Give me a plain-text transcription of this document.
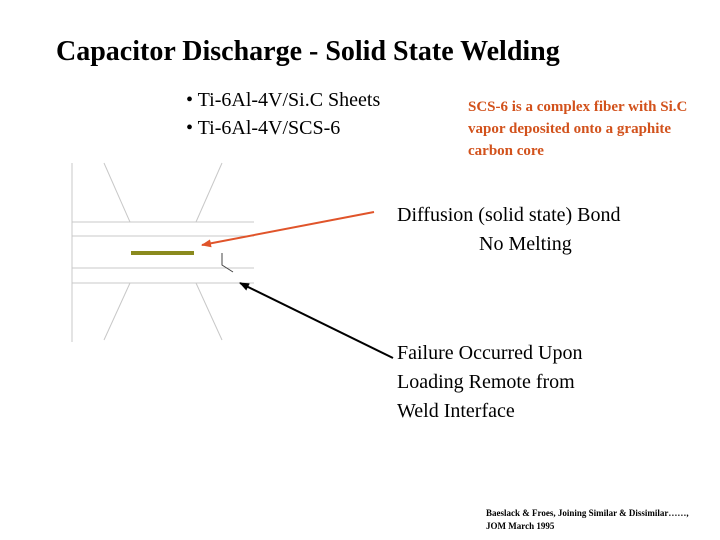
Capacitor Discharge - Solid State Welding
• Ti-6Al-4V/Si.C Sheets
• Ti-6Al-4V/SCS-6
SCS-6 is a complex fiber with Si.C vapor deposited onto a graphite carbon core
Diffusion (solid state) Bond
No Melting
Failure Occurred Upon
Loading Remote from
Weld Interface
Baeslack & Froes, Joining Similar & Dissimilar……,
JOM March 1995
